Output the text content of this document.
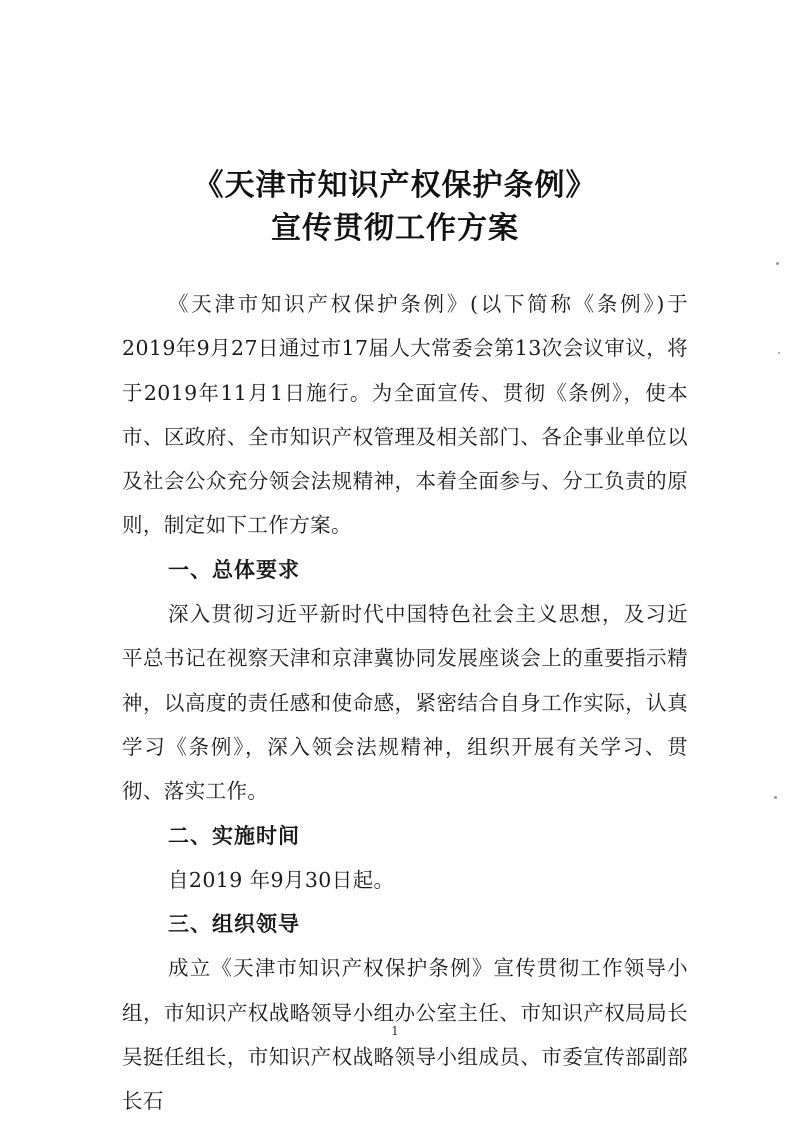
《天津市知识产权保护条例》
宣传贯彻工作方案

《天津市知识产权保护条例》(以下简称《条例》)于 2019年9月27日通过市17届人大常委会第13次会议审议，将于2019年11月1日施行。为全面宣传、贯彻《条例》，使本市、区政府、全市知识产权管理及相关部门、各企事业单位以及社会公众充分领会法规精神，本着全面参与、分工负责的原则，制定如下工作方案。

一、总体要求

深入贯彻习近平新时代中国特色社会主义思想，及习近平总书记在视察天津和京津冀协同发展座谈会上的重要指示精神，以高度的责任感和使命感，紧密结合自身工作实际，认真学习《条例》，深入领会法规精神，组织开展有关学习、贯彻、落实工作。

二、实施时间

自2019 年9月30日起。

三、组织领导

成立《天津市知识产权保护条例》宣传贯彻工作领导小组，市知识产权战略领导小组办公室主任、市知识产权局局长吴挺任组长，市知识产权战略领导小组成员、市委宣传部副部长石

1
